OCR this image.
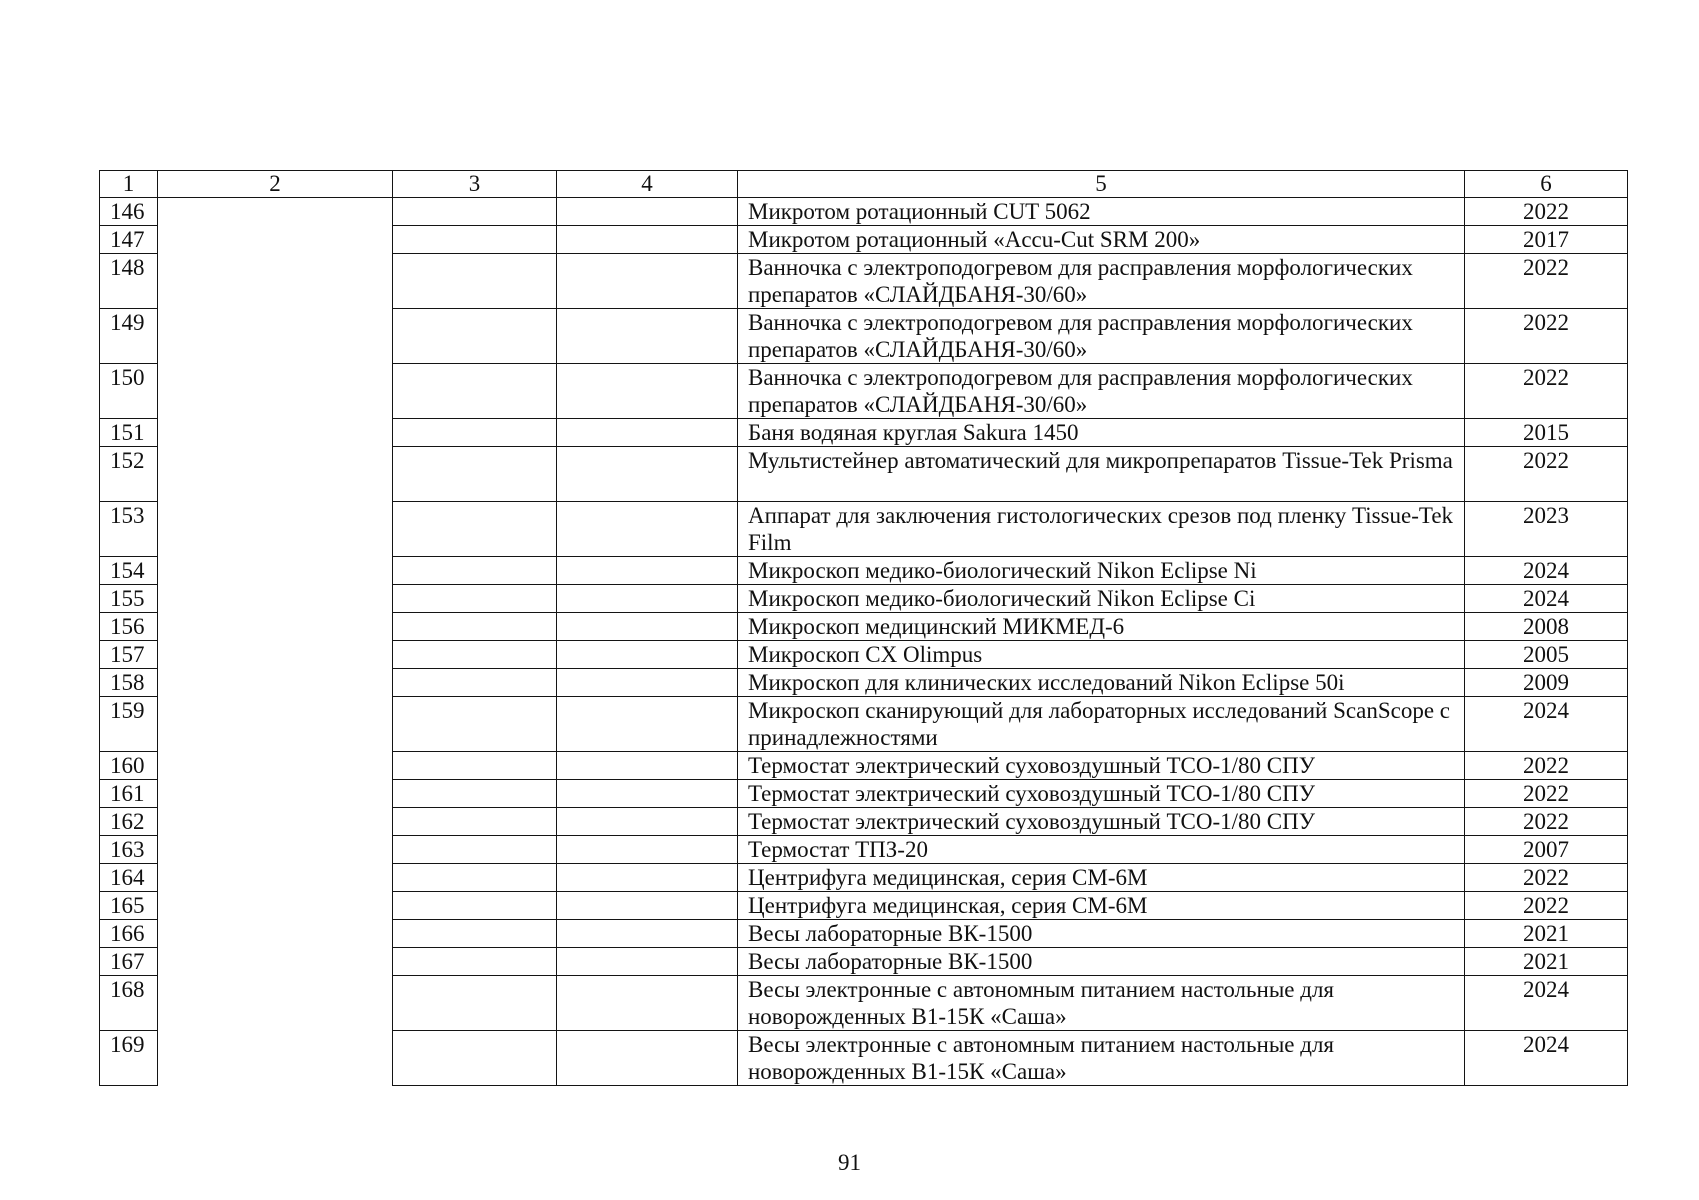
1	2	3	4	5	6
146				Микротом ротационный CUT 5062	2022
147				Микротом ротационный «Accu-Cut SRM 200»	2017
148				Ванночка с электроподогревом для расправления морфологических препаратов «СЛАЙДБАНЯ-30/60»	2022
149				Ванночка с электроподогревом для расправления морфологических препаратов «СЛАЙДБАНЯ-30/60»	2022
150				Ванночка с электроподогревом для расправления морфологических препаратов «СЛАЙДБАНЯ-30/60»	2022
151				Баня водяная круглая Sakura 1450	2015
152				Мультистейнер автоматический для микропрепаратов Tissue-Tek Prisma	2022
153				Аппарат для заключения гистологических срезов под пленку Tissue-Tek Film	2023
154				Микроскоп медико-биологический Nikon Eclipse Ni	2024
155				Микроскоп медико-биологический Nikon Eclipse Ci	2024
156				Микроскоп медицинский МИКМЕД-6	2008
157				Микроскоп CX Olimpus	2005
158				Микроскоп для клинических исследований Nikon Eclipse 50i	2009
159				Микроскоп сканирующий для лабораторных исследований ScanScope с принадлежностями	2024
160				Термостат электрический суховоздушный ТСО-1/80 СПУ	2022
161				Термостат электрический суховоздушный ТСО-1/80 СПУ	2022
162				Термостат электрический суховоздушный ТСО-1/80 СПУ	2022
163				Термостат ТПЗ-20	2007
164				Центрифуга медицинская, серия СМ-6М	2022
165				Центрифуга медицинская, серия СМ-6М	2022
166				Весы лабораторные ВК-1500	2021
167				Весы лабораторные ВК-1500	2021
168				Весы электронные с автономным питанием настольные для новорожденных В1-15К «Саша»	2024
169				Весы электронные с автономным питанием настольные для новорожденных В1-15К «Саша»	2024
91
